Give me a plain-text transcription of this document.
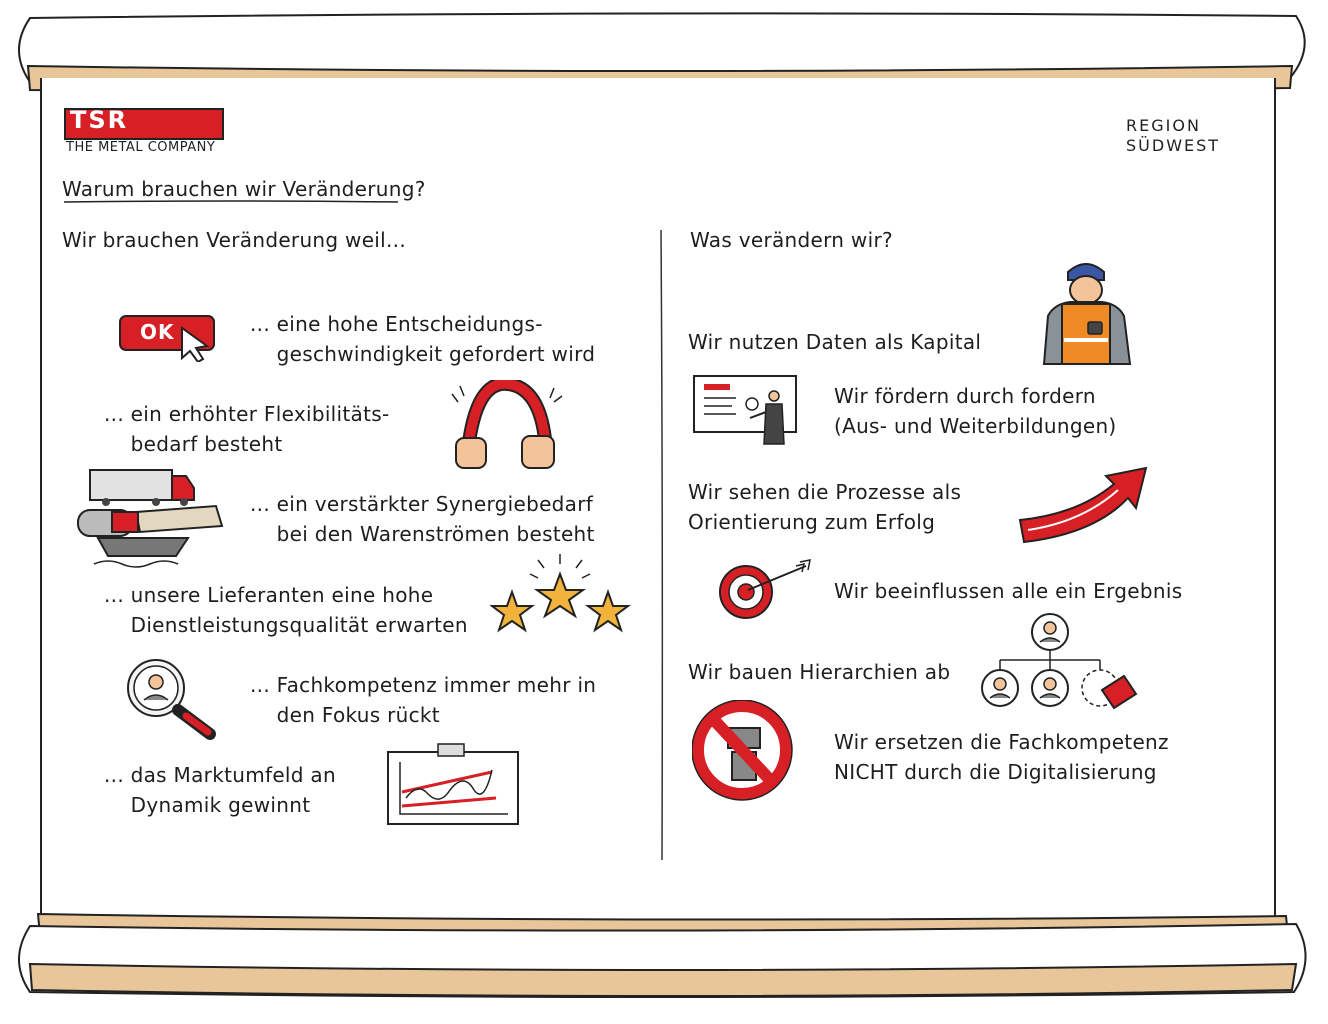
TSR
THE METAL COMPANY
REGION
SÜDWEST
Warum brauchen wir Veränderung?
Wir brauchen Veränderung weil...
... eine hohe Entscheidungs-
geschwindigkeit gefordert wird
... ein erhöhter Flexibilitäts-
bedarf besteht
... ein verstärkter Synergiebedarf
bei den Warenströmen besteht
... unsere Lieferanten eine hohe
Dienstleistungsqualität erwarten
... Fachkompetenz immer mehr in
den Fokus rückt
... das Marktumfeld an
Dynamik gewinnt
OK
Was verändern wir?
Wir nutzen Daten als Kapital
Wir fördern durch fordern
(Aus- und Weiterbildungen)
Wir sehen die Prozesse als
Orientierung zum Erfolg
Wir beeinflussen alle ein Ergebnis
Wir bauen Hierarchien ab
Wir ersetzen die Fachkompetenz
NICHT durch die Digitalisierung
